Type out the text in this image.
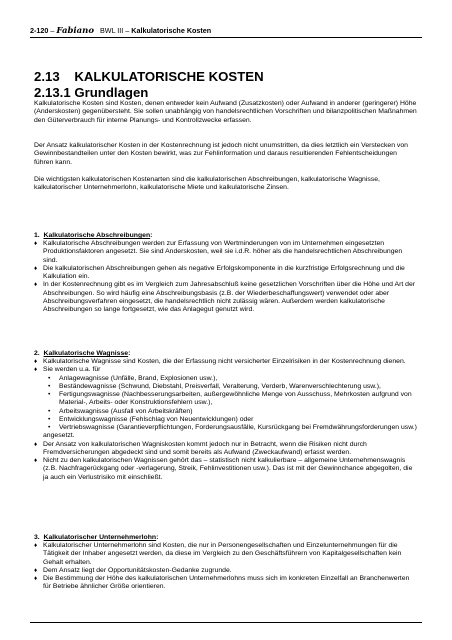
2-120 – Fabiano BWL III – Kalkulatorische Kosten
2.13 KALKULATORISCHE KOSTEN
2.13.1 Grundlagen

Kalkulatorische Kosten sind Kosten, denen entweder kein Aufwand (Zusatzkosten) oder Aufwand in anderer (geringerer) Höhe (Anderskosten) gegenübersteht. Sie sollen unabhängig von handelsrechtlichen Vorschriften und bilanzpolitischen Maßnahmen den Güterverbrauch für interne Planungs- und Kontrollzwecke erfassen.

Der Ansatz kalkulatorischer Kosten in der Kostenrechnung ist jedoch nicht unumstritten, da dies letztlich ein Verstecken von Gewinnbestandteilen unter den Kosten bewirkt, was zur Fehlinformation und daraus resultierenden Fehlentscheidungen führen kann.

Die wichtigsten kalkulatorischen Kostenarten sind die kalkulatorischen Abschreibungen, kalkulatorische Wagnisse, kalkulatorischer Unternehmerlohn, kalkulatorische Miete und kalkulatorische Zinsen.

1. Kalkulatorische Abschreibungen:
♦ Kalkulatorische Abschreibungen werden zur Erfassung von Wertminderungen von im Unternehmen eingesetzten Produktionsfaktoren angesetzt. Sie sind Anderskosten, weil sie i.d.R. höher als die handelsrechtlichen Abschreibungen sind.
♦ Die kalkulatorischen Abschreibungen gehen als negative Erfolgskomponente in die kurzfristige Erfolgsrechnung und die Kalkulation ein.
♦ In der Kostenrechnung gibt es im Vergleich zum Jahresabschluß keine gesetzlichen Vorschriften über die Höhe und Art der Abschreibungen. So wird häufig eine Abschreibungsbasis (z.B. der Wiederbeschaffungswert) verwendet oder aber Abschreibungsverfahren eingesetzt, die handelsrechtlich nicht zulässig wären. Außerdem werden kalkulatorische Abschreibungen so lange fortgesetzt, wie das Anlagegut genutzt wird.
2. Kalkulatorische Wagnisse:
♦ Kalkulatorische Wagnisse sind Kosten, die der Erfassung nicht versicherter Einzelrisiken in der Kostenrechnung dienen.
♦ Sie werden u.a. für
• Anlagewagnisse (Unfälle, Brand, Explosionen usw.),
• Beständewagnisse (Schwund, Diebstahl, Preisverfall, Veralterung, Verderb, Warenverschlechterung usw.),
• Fertigungswagnisse (Nachbesserungsarbeiten, außergewöhnliche Menge von Ausschuss, Mehrkosten aufgrund von Material-, Arbeits- oder Konstruktionsfehlern usw.),
• Arbeitswagnisse (Ausfall von Arbeitskräften)
• Entwicklungswagnisse (Fehlschlag von Neuentwicklungen) oder
• Vertriebswagnisse (Garantieverpflichtungen, Forderungsausfälle, Kursrückgang bei Fremdwährungsforderungen usw.)
angesetzt.
♦ Der Ansatz von kalkulatorischen Wagniskosten kommt jedoch nur in Betracht, wenn die Risiken nicht durch Fremdversicherungen abgedeckt sind und somit bereits als Aufwand (Zweckaufwand) erfasst werden.
♦ Nicht zu den kalkulatorischen Wagnissen gehört das – statistisch nicht kalkulierbare – allgemeine Unternehmenswagnis (z.B. Nachfragerückgang oder -verlagerung, Streik, Fehlinvestitionen usw.). Das ist mit der Gewinnchance abgegolten, die ja auch ein Verlustrisiko mit einschließt.
3. Kalkulatorischer Unternehmerlohn:
♦ Kalkulatorischer Unternehmerlohn sind Kosten, die nur in Personengesellschaften und Einzelunternehmungen für die Tätigkeit der Inhaber angesetzt werden, da diese im Vergleich zu den Geschäftsführern von Kapitalgesellschaften kein Gehalt erhalten.
♦ Dem Ansatz liegt der Opportunitätskosten-Gedanke zugrunde.
♦ Die Bestimmung der Höhe des kalkulatorischen Unternehmerlohns muss sich im konkreten Einzelfall an Branchenwerten für Betriebe ähnlicher Größe orientieren.
